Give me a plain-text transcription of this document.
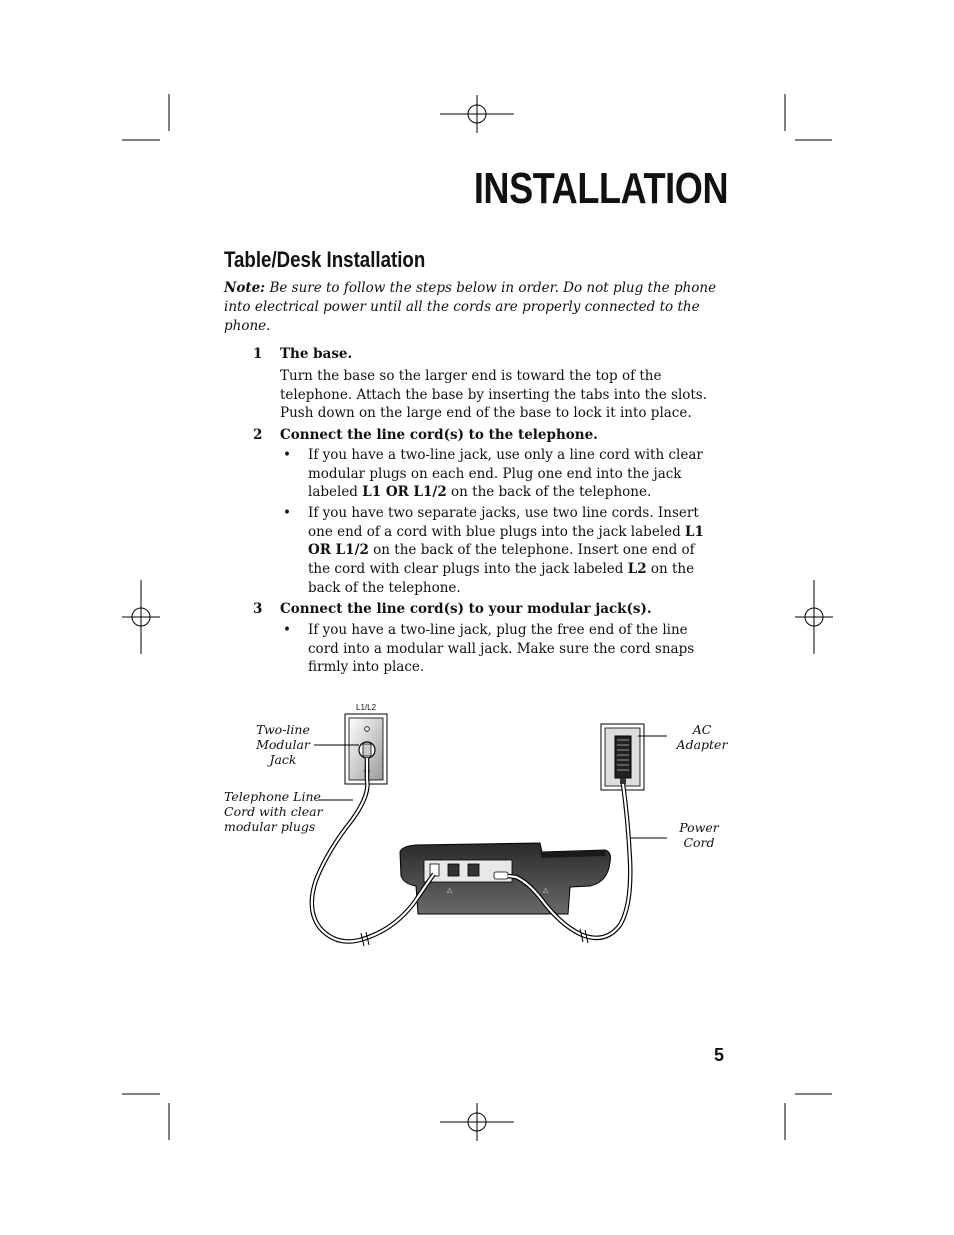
INSTALLATION
Table/Desk Installation

Note: Be sure to follow the steps below in order. Do not plug the phone into electrical power until all the cords are properly connected to the phone.

1 The base.

Turn the base so the larger end is toward the top of the telephone. Attach the base by inserting the tabs into the slots. Push down on the large end of the base to lock it into place.

2 Connect the line cord(s) to the telephone.
• If you have a two-line jack, use only a line cord with clear modular plugs on each end. Plug one end into the jack labeled L1 OR L1/2 on the back of the telephone.
• If you have two separate jacks, use two line cords. Insert one end of a cord with blue plugs into the jack labeled L1 OR L1/2 on the back of the telephone. Insert one end of the cord with clear plugs into the jack labeled L2 on the back of the telephone.
3 Connect the line cord(s) to your modular jack(s).
• If you have a two-line jack, plug the free end of the line cord into a modular wall jack. Make sure the cord snaps firmly into place.
△	△
L1/L2
Two-line Modular Jack
Telephone Line Cord with clear modular plugs
AC Adapter
Power Cord
5
